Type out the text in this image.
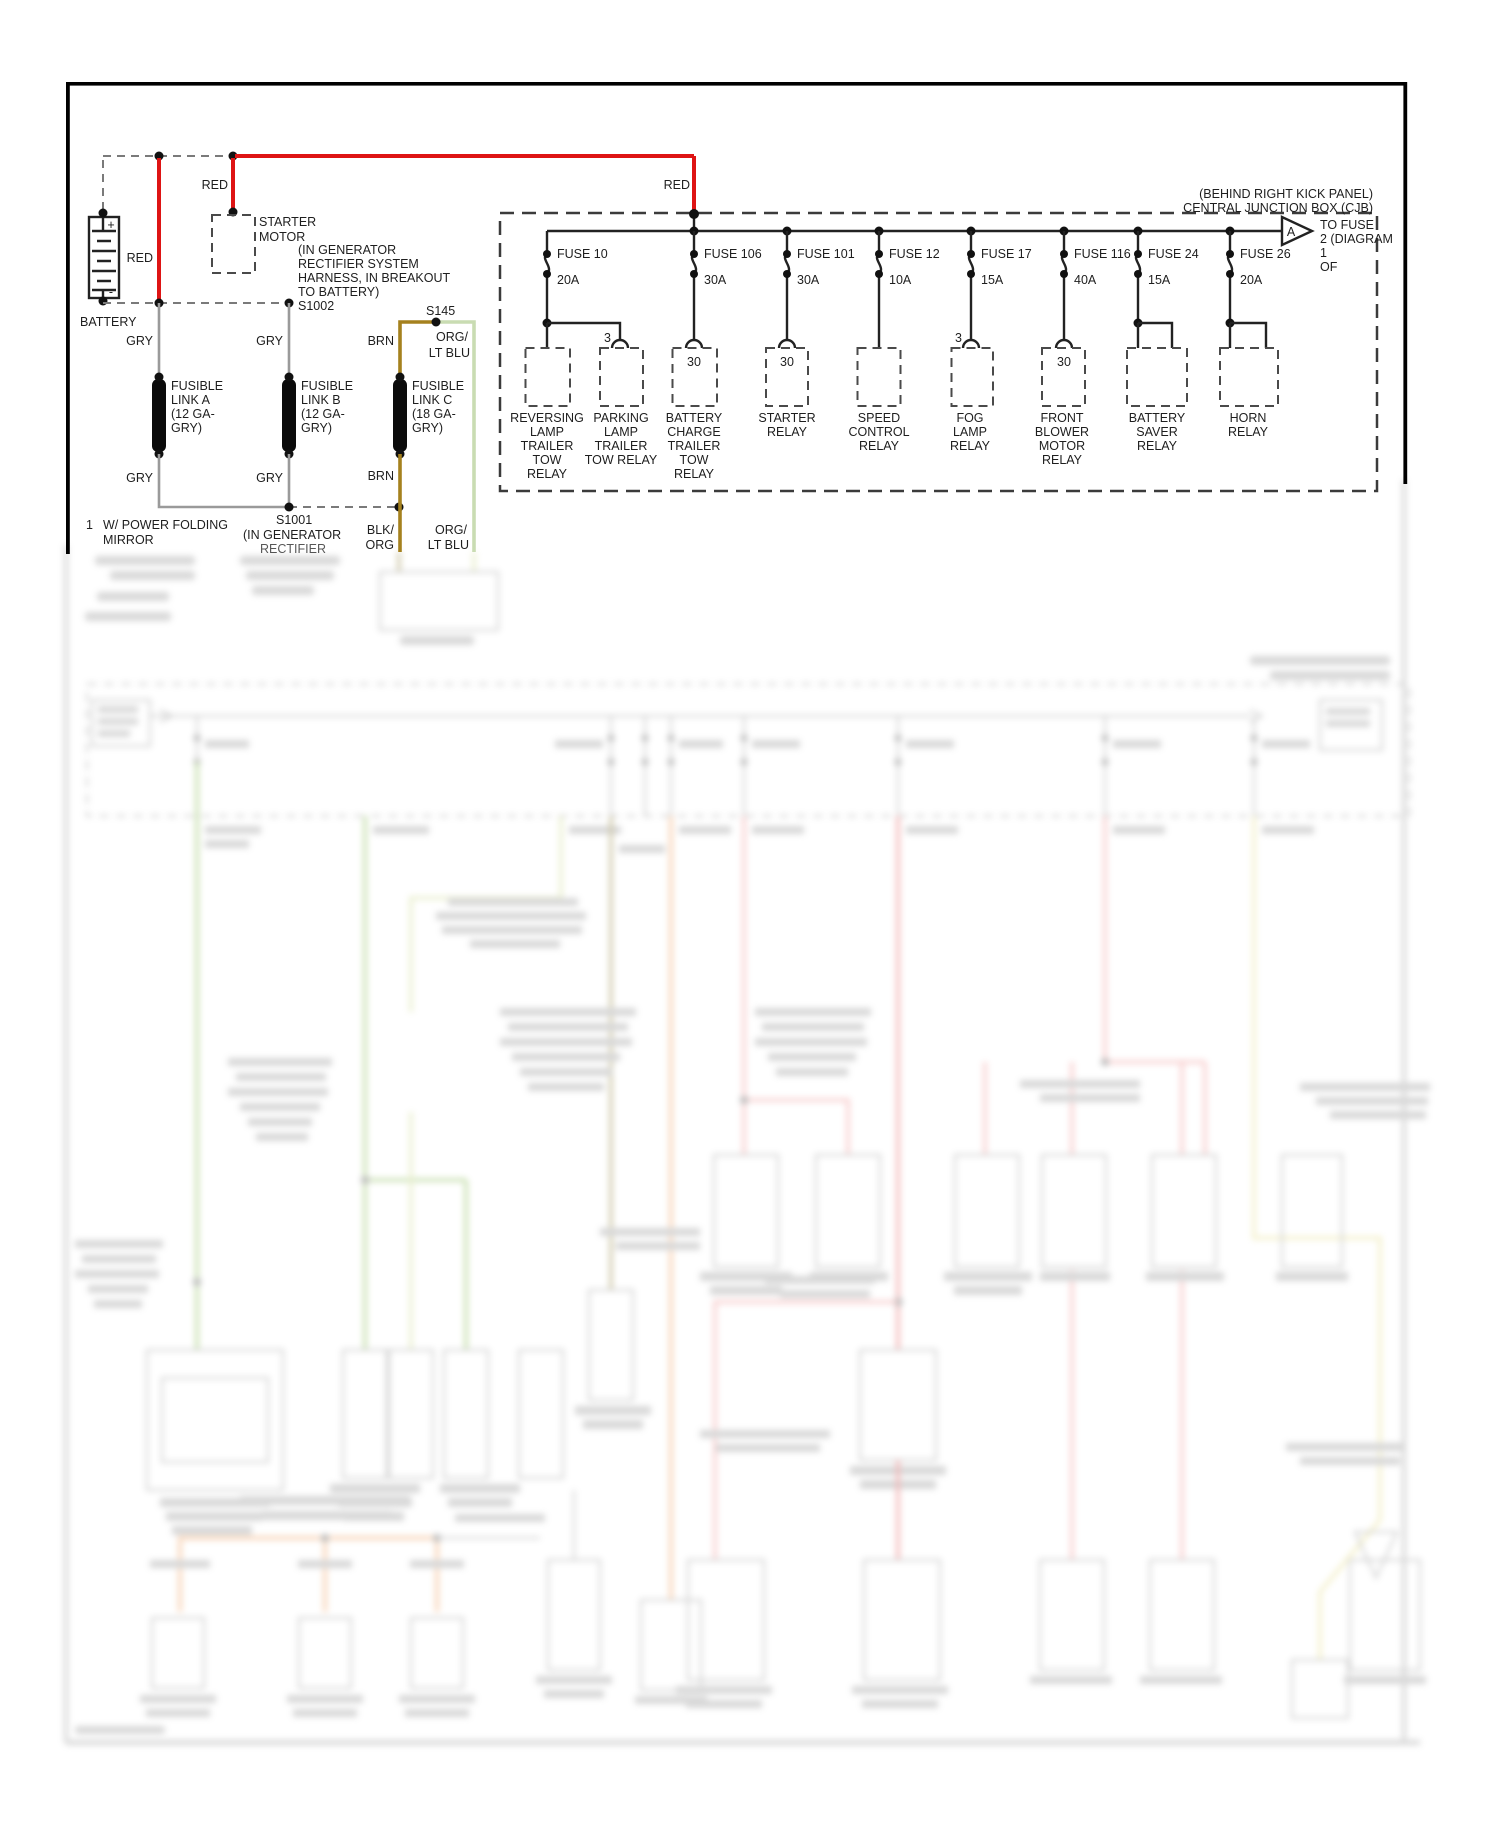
+
-
BATTERY
RED
RED	RED
STARTER
MOTOR
(IN GENERATOR
RECTIFIER SYSTEM
HARNESS, IN BREAKOUT
TO BATTERY)
S1002	S145
GRY	GRY	BRN	ORG/
LT BLU
FUSIBLE
LINK A
(12 GA-
GRY)
FUSIBLE
LINK B
(12 GA-
GRY)
FUSIBLE
LINK C
(18 GA-
GRY)
GRY	GRY	BRN
S1001
(IN GENERATOR
RECTIFIER
BLK/
ORG
ORG/
LT BLU
1 W/ POWER FOLDING
MIRROR
(BEHIND RIGHT KICK PANEL)
CENTRAL JUNCTION BOX (CJB)
A TO FUSE
2 (DIAGRAM
1
OF
FUSE 10
20A
FUSE 106
30A
FUSE 101
30A
FUSE 12
10A
FUSE 17
15A
FUSE 116
40A
FUSE 24
15A
FUSE 26
20A
3
30	30
3
30
REVERSING
LAMP
TRAILER
TOW
RELAY
PARKING
LAMP
TRAILER
TOW RELAY
BATTERY
CHARGE
TRAILER
TOW
RELAY
STARTER
RELAY
SPEED
CONTROL
RELAY
FOG
LAMP
RELAY
FRONT
BLOWER
MOTOR
RELAY
BATTERY
SAVER
RELAY
HORN
RELAY
